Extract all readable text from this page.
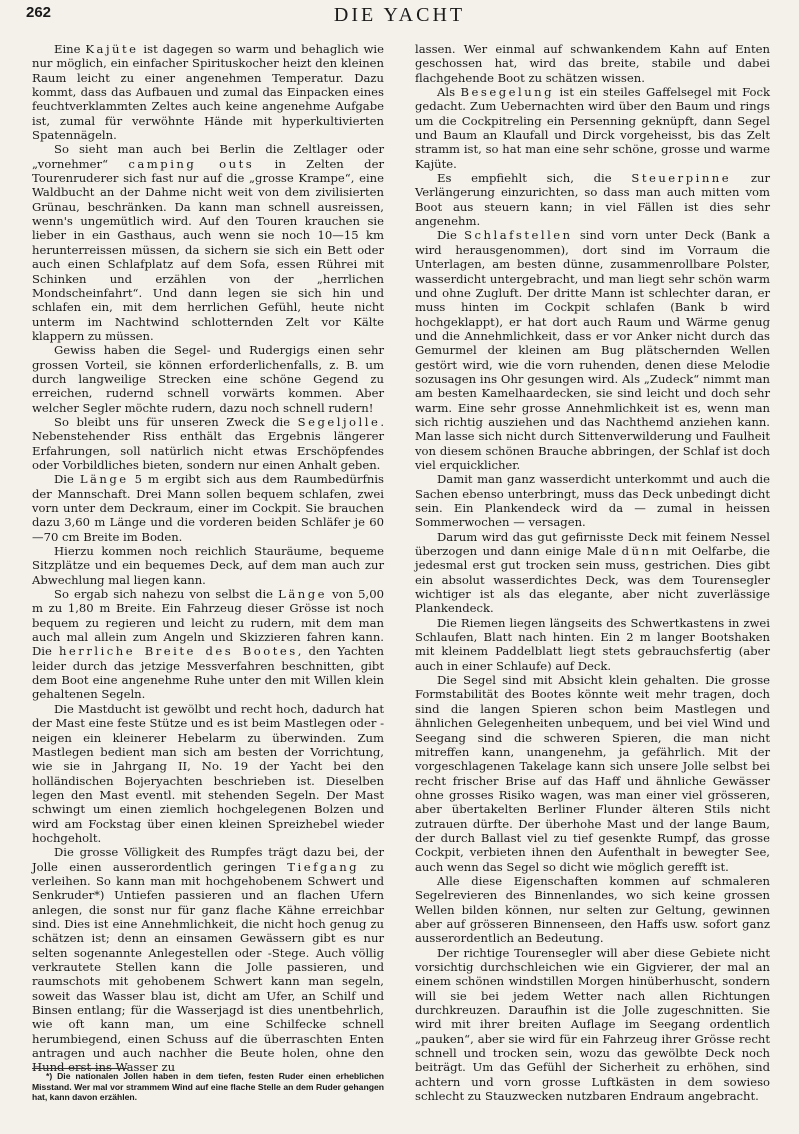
262	DIE YACHT

Eine Kajüte ist dagegen so warm und behaglich wie nur möglich, ein einfacher Spirituskocher heizt den kleinen Raum leicht zu einer angenehmen Temperatur. Dazu kommt, dass das Aufbauen und zumal das Einpacken eines feuchtverklammten Zeltes auch keine angenehme Aufgabe ist, zumal für verwöhnte Hände mit hyperkultivierten Spatennägeln.

So sieht man auch bei Berlin die Zeltlager oder „vornehmer“ camping outs in Zelten der Tourenruderer sich fast nur auf die „grosse Krampe“, eine Waldbucht an der Dahme nicht weit von dem zivilisierten Grünau, beschränken. Da kann man schnell ausreissen, wenn's ungemütlich wird. Auf den Touren krauchen sie lieber in ein Gasthaus, auch wenn sie noch 10—15 km herunterreissen müssen, da sichern sie sich ein Bett oder auch einen Schlafplatz auf dem Sofa, essen Rührei mit Schinken und erzählen von der „herrlichen Mondscheinfahrt“. Und dann legen sie sich hin und schlafen ein, mit dem herrlichen Gefühl, heute nicht unterm im Nachtwind schlotternden Zelt vor Kälte klappern zu müssen.

Gewiss haben die Segel- und Rudergigs einen sehr grossen Vorteil, sie können erforderlichenfalls, z. B. um durch langweilige Strecken eine schöne Gegend zu erreichen, rudernd schnell vorwärts kommen. Aber welcher Segler möchte rudern, dazu noch schnell rudern!

So bleibt uns für unseren Zweck die Segeljolle. Nebenstehender Riss enthält das Ergebnis längerer Erfahrungen, soll natürlich nicht etwas Erschöpfendes oder Vorbildliches bieten, sondern nur einen Anhalt geben.

Die Länge 5 m ergibt sich aus dem Raumbedürfnis der Mannschaft. Drei Mann sollen bequem schlafen, zwei vorn unter dem Deckraum, einer im Cockpit. Sie brauchen dazu 3,60 m Länge und die vorderen beiden Schläfer je 60—70 cm Breite im Boden.

Hierzu kommen noch reichlich Stauräume, bequeme Sitzplätze und ein bequemes Deck, auf dem man auch zur Abwechlung mal liegen kann.

So ergab sich nahezu von selbst die Länge von 5,00 m zu 1,80 m Breite. Ein Fahrzeug dieser Grösse ist noch bequem zu regieren und leicht zu rudern, mit dem man auch mal allein zum Angeln und Skizzieren fahren kann. Die herrliche Breite des Bootes, den Yachten leider durch das jetzige Messverfahren beschnitten, gibt dem Boot eine angenehme Ruhe unter den mit Willen klein gehaltenen Segeln.

Die Mastducht ist gewölbt und recht hoch, dadurch hat der Mast eine feste Stütze und es ist beim Mastlegen oder -neigen ein kleinerer Hebelarm zu überwinden. Zum Mastlegen bedient man sich am besten der Vorrichtung, wie sie in Jahrgang II, No. 19 der Yacht bei den holländischen Bojeryachten beschrieben ist. Dieselben legen den Mast eventl. mit stehenden Segeln. Der Mast schwingt um einen ziemlich hochgelegenen Bolzen und wird am Fockstag über einen kleinen Spreizhebel wieder hochgeholt.

Die grosse Völligkeit des Rumpfes trägt dazu bei, der Jolle einen ausserordentlich geringen Tiefgang zu verleihen. So kann man mit hochgehobenem Schwert und Senkruder*) Untiefen passieren und an flachen Ufern anlegen, die sonst nur für ganz flache Kähne erreichbar sind. Dies ist eine Annehmlichkeit, die nicht hoch genug zu schätzen ist; denn an einsamen Gewässern gibt es nur selten sogenannte Anlegestellen oder -Stege. Auch völlig verkrautete Stellen kann die Jolle passieren, und raumschots mit gehobenem Schwert kann man segeln, soweit das Wasser blau ist, dicht am Ufer, an Schilf und Binsen entlang; für die Wasserjagd ist dies unentbehrlich, wie oft kann man, um eine Schilfecke schnell herumbiegend, einen Schuss auf die überraschten Enten antragen und auch nachher die Beute holen, ohne den Hund erst ins Wasser zu

lassen. Wer einmal auf schwankendem Kahn auf Enten geschossen hat, wird das breite, stabile und dabei flachgehende Boot zu schätzen wissen.

Als Besegelung ist ein steiles Gaffelsegel mit Fock gedacht. Zum Uebernachten wird über den Baum und rings um die Cockpitreling ein Persenning geknüpft, dann Segel und Baum an Klaufall und Dirck vorgeheisst, bis das Zelt stramm ist, so hat man eine sehr schöne, grosse und warme Kajüte.

Es empfiehlt sich, die Steuerpinne zur Verlängerung einzurichten, so dass man auch mitten vom Boot aus steuern kann; in viel Fällen ist dies sehr angenehm.

Die Schlafstellen sind vorn unter Deck (Bank a wird herausgenommen), dort sind im Vorraum die Unterlagen, am besten dünne, zusammenrollbare Polster, wasserdicht untergebracht, und man liegt sehr schön warm und ohne Zugluft. Der dritte Mann ist schlechter daran, er muss hinten im Cockpit schlafen (Bank b wird hochgeklappt), er hat dort auch Raum und Wärme genug und die Annehmlichkeit, dass er vor Anker nicht durch das Gemurmel der kleinen am Bug plätschernden Wellen gestört wird, wie die vorn ruhenden, denen diese Melodie sozusagen ins Ohr gesungen wird. Als „Zudeck“ nimmt man am besten Kamelhaardecken, sie sind leicht und doch sehr warm. Eine sehr grosse Annehmlichkeit ist es, wenn man sich richtig ausziehen und das Nachthemd anziehen kann. Man lasse sich nicht durch Sittenverwilderung und Faulheit von diesem schönen Brauche abbringen, der Schlaf ist doch viel erquicklicher.

Damit man ganz wasserdicht unterkommt und auch die Sachen ebenso unterbringt, muss das Deck unbedingt dicht sein. Ein Plankendeck wird da — zumal in heissen Sommerwochen — versagen.

Darum wird das gut gefirnisste Deck mit feinem Nessel überzogen und dann einige Male dünn mit Oelfarbe, die jedesmal erst gut trocken sein muss, gestrichen. Dies gibt ein absolut wasserdichtes Deck, was dem Tourensegler wichtiger ist als das elegante, aber nicht zuverlässige Plankendeck.

Die Riemen liegen längseits des Schwertkastens in zwei Schlaufen, Blatt nach hinten. Ein 2 m langer Bootshaken mit kleinem Paddelblatt liegt stets gebrauchsfertig (aber auch in einer Schlaufe) auf Deck.

Die Segel sind mit Absicht klein gehalten. Die grosse Formstabilität des Bootes könnte weit mehr tragen, doch sind die langen Spieren schon beim Mastlegen und ähnlichen Gelegenheiten unbequem, und bei viel Wind und Seegang sind die schweren Spieren, die man nicht mitreffen kann, unangenehm, ja gefährlich. Mit der vorgeschlagenen Takelage kann sich unsere Jolle selbst bei recht frischer Brise auf das Haff und ähnliche Gewässer ohne grosses Risiko wagen, was man einer viel grösseren, aber übertakelten Berliner Flunder älteren Stils nicht zutrauen dürfte. Der überhohe Mast und der lange Baum, der durch Ballast viel zu tief gesenkte Rumpf, das grosse Cockpit, verbieten ihnen den Aufenthalt in bewegter See, auch wenn das Segel so dicht wie möglich gerefft ist.

Alle diese Eigenschaften kommen auf schmaleren Segelrevieren des Binnenlandes, wo sich keine grossen Wellen bilden können, nur selten zur Geltung, gewinnen aber auf grösseren Binnenseen, den Haffs usw. sofort ganz ausserordentlich an Bedeutung.

Der richtige Tourensegler will aber diese Gebiete nicht vorsichtig durchschleichen wie ein Gigvierer, der mal an einem schönen windstillen Morgen hinüberhuscht, sondern will sie bei jedem Wetter nach allen Richtungen durchkreuzen. Daraufhin ist die Jolle zugeschnitten. Sie wird mit ihrer breiten Auflage im Seegang ordentlich „pauken“, aber sie wird für ein Fahrzeug ihrer Grösse recht schnell und trocken sein, wozu das gewölbte Deck noch beiträgt. Um das Gefühl der Sicherheit zu erhöhen, sind achtern und vorn grosse Luftkästen in dem sowieso schlecht zu Stauzwecken nutzbaren Endraum angebracht.

*) Die nationalen Jollen haben in dem tiefen, festen Ruder einen erheblichen Misstand. Wer mal vor strammem Wind auf eine flache Stelle an dem Ruder gehangen hat, kann davon erzählen.
